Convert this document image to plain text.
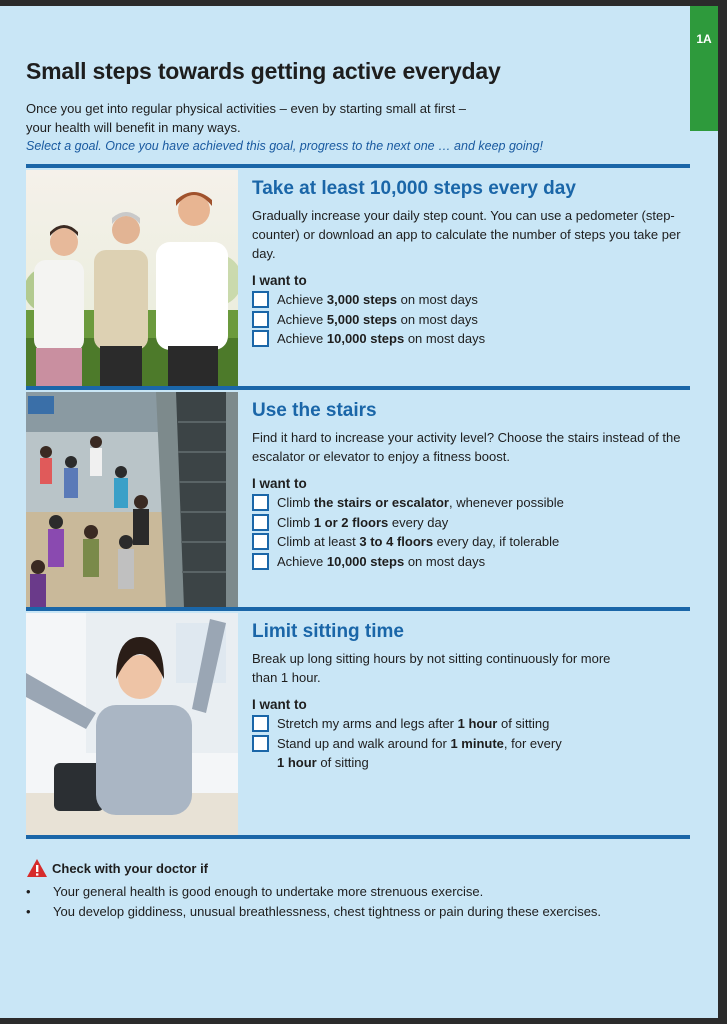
1A
Small steps towards getting active everyday

Once you get into regular physical activities – even by starting small at first –
your health will benefit in many ways.

Select a goal. Once you have achieved this goal, progress to the next one … and keep going!

Take at least 10,000 steps every day

Gradually increase your daily step count. You can use a pedometer (step-counter) or download an app to calculate the number of steps you take per day.

I want to

Achieve 3,000 steps on most days
Achieve 5,000 steps on most days
Achieve 10,000 steps on most days
Use the stairs

Find it hard to increase your activity level? Choose the stairs instead of the escalator or elevator to enjoy a fitness boost.

I want to

Climb the stairs or escalator, whenever possible
Climb 1 or 2 floors every day
Climb at least 3 to 4 floors every day, if tolerable
Achieve 10,000 steps on most days
Limit sitting time

Break up long sitting hours by not sitting continuously for more than 1 hour.

I want to

Stretch my arms and legs after 1 hour of sitting
Stand up and walk around for 1 minute, for every
1 hour of sitting
Check with your doctor if
• Your general health is good enough to undertake more strenuous exercise.
• You develop giddiness, unusual breathlessness, chest tightness or pain during these exercises.
